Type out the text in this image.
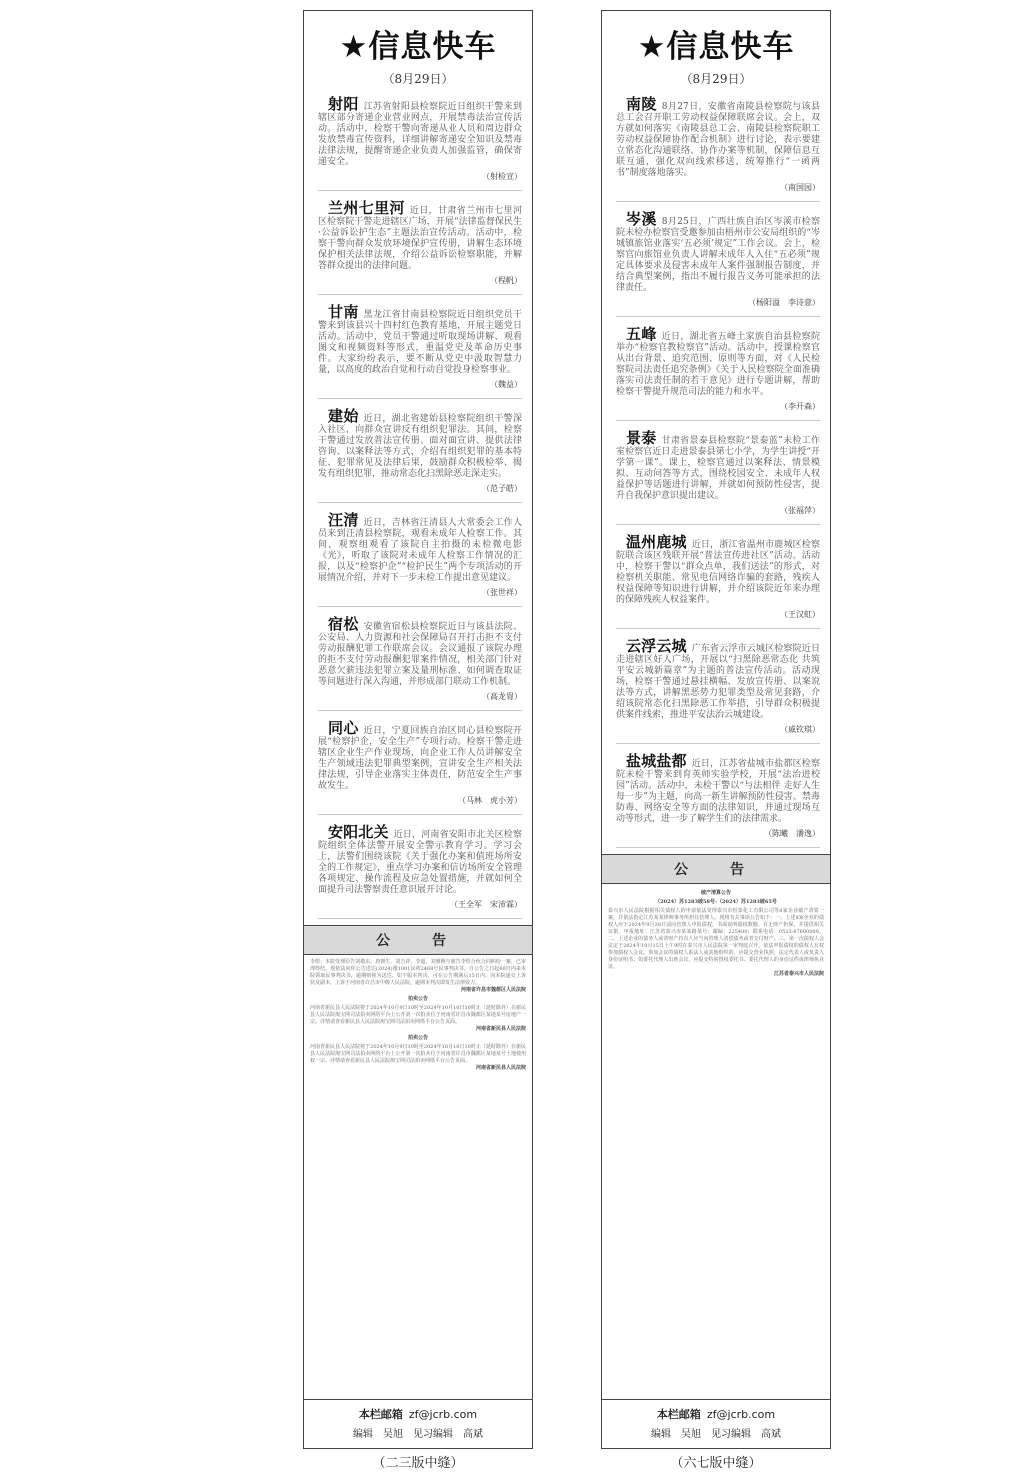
★信息快车
（8月29日）
射阳 江苏省射阳县检察院近日组织干警来到辖区部分寄递企业营业网点，开展禁毒法治宣传活动。活动中，检察干警向寄递从业人员和周边群众发放禁毒宣传资料，详细讲解寄递安全知识及禁毒法律法规，提醒寄递企业负责人加强监管，确保寄递安全。
（射检宣）
兰州七里河 近日，甘肃省兰州市七里河区检察院干警走进辖区广场，开展“法律监督保民生·公益诉讼护生态”主题法治宣传活动。活动中，检察干警向群众发放环境保护宣传册，讲解生态环境保护相关法律法规，介绍公益诉讼检察职能，并解答群众提出的法律问题。
（程帆）
甘南 黑龙江省甘南县检察院近日组织党员干警来到该县兴十四村红色教育基地，开展主题党日活动。活动中，党员干警通过听取现场讲解、观看图文和视频资料等形式，重温党史及革命历史事件。大家纷纷表示，要不断从党史中汲取智慧力量，以高度的政治自觉和行动自觉投身检察事业。
（魏益）
建始 近日，湖北省建始县检察院组织干警深入社区，向群众宣讲反有组织犯罪法。其间，检察干警通过发放普法宣传册、面对面宣讲、提供法律咨询、以案释法等方式，介绍有组织犯罪的基本特征、犯罪常见及法律后果，鼓励群众积极检举、揭发有组织犯罪，推动常态化扫黑除恶走深走实。
（范子皓）
汪清 近日，吉林省汪清县人大常委会工作人员来到汪清县检察院，观看未成年人检察工作。其间，观察组观看了该院自主拍摄的未检微电影《光》，听取了该院对未成年人检察工作情况的汇报，以及“检察护企”“检护民生”两个专项活动的开展情况介绍，并对下一步未检工作提出意见建议。
（张世祥）
宿松 安徽省宿松县检察院近日与该县法院、公安局、人力资源和社会保障局召开打击拒不支付劳动报酬犯罪工作联席会议。会议通报了该院办理的拒不支付劳动报酬犯罪案件情况，相关部门针对恶意欠薪违法犯罪立案及量刑标准、如何调查取证等问题进行深入沟通，并形成部门联动工作机制。
（高龙胄）
同心 近日，宁夏回族自治区同心县检察院开展“检察护企，安全生产”专项行动。检察干警走进辖区企业生产作业现场，向企业工作人员讲解安全生产领域违法犯罪典型案例，宣讲安全生产相关法律法规，引导企业落实主体责任，防范安全生产事故发生。
（马林　虎小芳）
安阳北关 近日，河南省安阳市北关区检察院组织全体法警开展安全警示教育学习。学习会上，法警们围绕该院《关于强化办案和值班场所安全的工作规定》，重点学习办案和信访场所安全管理各项规定、操作流程及应急处置措施，并就如何全面提升司法警察责任意识展开讨论。
（王全军　宋沛霖）
公　告
李煜：本院受理原告刘敬东、唐朝生、刘吉祥、李超、刘雅樵与被告李煜合伙合同纠纷一案，已审理终结。现依法向你公告送达(2024)豫1001民初2468号民事判决书。自公告之日起60日内来本院领取民事判决书，逾期则视为送达。如不服本判决，可在公告期满后15日内，向本院递交上诉状及副本，上诉于河南省许昌市中级人民法院。逾期本判决即发生法律效力。
河南省许昌市魏都区人民法院
拍卖公告
河南省新民县人民法院将于2024年10月9日10时至2024年10月10日10时止（延时除外）在新民县人民法院淘宝网司法拍卖网络平台上公开第一次拍卖位于河南省许昌市魏都区某地某号房地产一宗。详情请查看新民县人民法院淘宝网司法拍卖网络平台公告页面。
河南省新民县人民法院
拍卖公告
河南省新民县人民法院将于2024年10月9日10时至2024年10月10日10时止（延时除外）在新民县人民法院淘宝网司法拍卖网络平台上公开第一次拍卖位于河南省许昌市魏都区某地某号土地使用权一宗。详情请查看新民县人民法院淘宝网司法拍卖网络平台公告页面。
河南省新民县人民法院
本栏邮箱 zf@jcrb.com
编辑　吴旭　见习编辑　高斌
（二三版中缝）
★信息快车
（8月29日）
南陵 8月27日，安徽省南陵县检察院与该县总工会召开职工劳动权益保障联席会议。会上，双方就如何落实《南陵县总工会、南陵县检察院职工劳动权益保障协作配合机制》进行讨论，表示要建立常态化沟通联络、协作办案等机制，保障信息互联互通，强化双向线索移送，统筹推行“一函两书”制度落地落实。
（南国园）
岑溪 8月25日，广西壮族自治区岑溪市检察院未检办检察官受邀参加由梧州市公安局组织的“岑城镇旅馆业落实‘五必须’规定”工作会议。会上，检察官向旅馆业负责人讲解未成年人入住“五必须”规定具体要求及侵害未成年人案件强制报告制度，并结合典型案例，指出不履行报告义务可能承担的法律责任。
（杨阳溢　李诗意）
五峰 近日，湖北省五峰土家族自治县检察院举办“检察官教检察官”活动。活动中，授课检察官从出台背景、追究范围、原则等方面，对《人民检察院司法责任追究条例》《关于人民检察院全面准确落实司法责任制的若干意见》进行专题讲解，帮助检察干警提升规范司法的能力和水平。
（李开森）
景泰 甘肃省景泰县检察院“景泰蓝”未检工作室检察官近日走进景泰县第七小学，为学生讲授“开学第一课”。课上，检察官通过以案释法、情景模拟、互动问答等方式，围绕校园安全、未成年人权益保护等话题进行讲解，并就如何预防性侵害，提升自我保护意识提出建议。
（张福萍）
温州鹿城 近日，浙江省温州市鹿城区检察院联合该区残联开展“普法宣传进社区”活动。活动中，检察干警以“群众点单，我们送法”的形式，对检察机关职能、常见电信网络诈骗的套路，残疾人权益保障等知识进行讲解，并介绍该院近年来办理的保障残疾人权益案件。
（王汉虹）
云浮云城 广东省云浮市云城区检察院近日走进辖区好人广场，开展以“扫黑除恶常态化 共筑平安云城新篇章”为主题的普法宣传活动。活动现场，检察干警通过悬挂横幅、发放宣传册、以案说法等方式，讲解黑恶势力犯罪类型及常见套路，介绍该院常态化扫黑除恶工作举措，引导群众积极提供案件线索，推进平安法治云城建设。
（戚钦琪）
盐城盐都 近日，江苏省盐城市盐都区检察院未检干警来到育英师实验学校，开展“法治进校园”活动。活动中，未检干警以“与法相伴 走好人生每一步”为主题，向高一新生讲解预防性侵害、禁毒防毒、网络安全等方面的法律知识，并通过现场互动等形式，进一步了解学生们的法律需求。
（陈曦　潘逸）
公　告
破产清算公告
（2024）苏1283破58号-（2024）苏1283破65号
泰兴市人民法院根据相关债权人的申请依法受理泰兴市恒泰化工有限公司等8家企业破产清算一案，并依法指定江苏某某律师事务所担任管理人。现将有关事项公告如下：一、上述8家企业的债权人应于2024年9月28日前向管理人申报债权，书面说明债权数额、有无财产担保，并提供相关证据。申报地址：江苏省泰兴市某某路某号；邮编：225400；联系电话：0523-87600000。二、上述企业的债务人或者财产持有人应当向管理人清偿债务或者交付财产。三、第一次债权人会议定于2024年10月15日上午9时在泰兴市人民法院第一审判庭召开，依法申报债权的债权人有权参加债权人会议。参加会议的债权人系法人或其他组织的，应提交营业执照、法定代表人或负责人身份证明书；如委托代理人出席会议，应提交特别授权委托书、委托代理人的身份证件或律师执业证。
江苏省泰兴市人民法院
本栏邮箱 zf@jcrb.com
编辑　吴旭　见习编辑　高斌
（六七版中缝）
